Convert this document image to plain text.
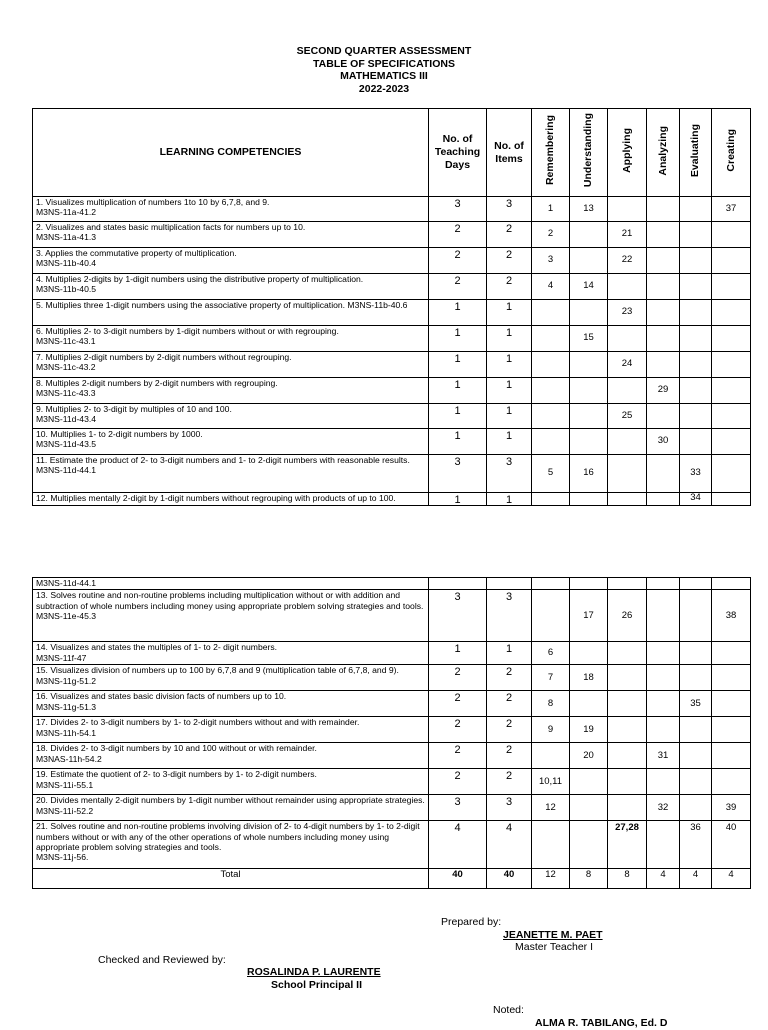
SECOND QUARTER ASSESSMENT
TABLE OF SPECIFICATIONS
MATHEMATICS III
2022-2023
LEARNING COMPETENCIES	No. of Teaching Days	No. of Items	Remembering	Understanding	Applying	Analyzing	Evaluating	Creating
1. Visualizes multiplication of numbers 1to 10 by 6,7,8, and 9.
M3NS-11a-41.2	3	3	1	13				37
2. Visualizes and states basic multiplication facts for numbers up to 10.
M3NS-11a-41.3	2	2	2		21			
3. Applies the commutative property of multiplication.
M3NS-11b-40.4	2	2	3		22			
4. Multiplies 2-digits by 1-digit numbers using the distributive property of multiplication.
M3NS-11b-40.5	2	2	4	14				
5. Multiplies three 1-digit numbers using the associative property of multiplication. M3NS-11b-40.6	1	1			23			
6. Multiplies 2- to 3-digit numbers by 1-digit numbers without or with regrouping.
M3NS-11c-43.1	1	1		15				
7. Multiplies 2-digit numbers by 2-digit numbers without regrouping.
M3NS-11c-43.2	1	1			24			
8. Multiples 2-digit numbers by 2-digit numbers with regrouping.
M3NS-11c-43.3	1	1				29		
9. Multiplies 2- to 3-digit by multiples of 10 and 100.
M3NS-11d-43.4	1	1			25			
10. Multiplies 1- to 2-digit numbers by 1000.
M3NS-11d-43.5	1	1				30		
11. Estimate the product of 2- to 3-digit numbers and 1- to 2-digit numbers with reasonable results.
M3NS-11d-44.1	3	3	5	16			33	
12. Multiplies mentally 2-digit by 1-digit numbers without regrouping with products of up to 100.	1	1					34	
M3NS-11d-44.1								
13. Solves routine and non-routine problems including multiplication without or with addition and subtraction of whole numbers including money using appropriate problem solving strategies and tools.
M3NS-11e-45.3	3	3		17	26			38
14. Visualizes and states the multiples of 1- to 2- digit numbers.
M3NS-11f-47	1	1	6					
15. Visualizes division of numbers up to 100 by 6,7,8 and 9 (multiplication table of 6,7,8, and 9).
M3NS-11g-51.2	2	2	7	18				
16. Visualizes and states basic division facts of numbers up to 10.
M3NS-11g-51.3	2	2	8				35	
17. Divides 2- to 3-digit numbers by 1- to 2-digit numbers without and with remainder.
M3NS-11h-54.1	2	2	9	19				
18. Divides 2- to 3-digit numbers by 10 and 100 without or with remainder.
M3NAS-11h-54.2	2	2		20		31		
19. Estimate the quotient of 2- to 3-digit numbers by 1- to 2-digit numbers.
M3NS-11i-55.1	2	2	10,11					
20. Divides mentally 2-digit numbers by 1-digit number without remainder using appropriate strategies.
M3NS-11i-52.2	3	3	12			32		39
21. Solves routine and non-routine problems involving division of 2- to 4-digit numbers by 1- to 2-digit numbers without or with any of the other operations of whole numbers including money using appropriate problem solving strategies and tools.
M3NS-11j-56.	4	4			27,28		36	40
Total	40	40	12	8	8	4	4	4
Prepared by:
JEANETTE M. PAET
Master Teacher I
Checked and Reviewed by:
ROSALINDA P. LAURENTE
School Principal II
Noted:
ALMA R. TABILANG, Ed. D
